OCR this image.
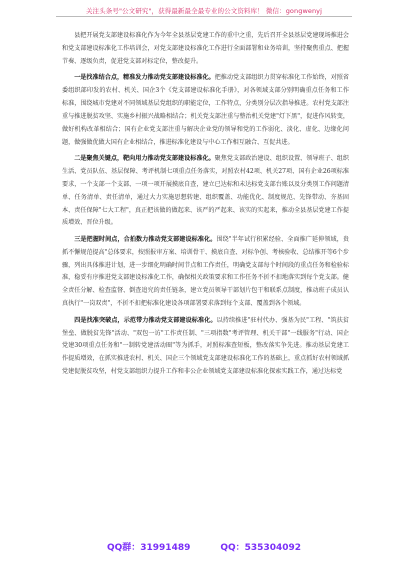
关注头条号"公文研究"，获得最新最全最专业的公文资料库！ 微信：gongwenyj

县把开展党支部建设标准化作为今年全县基层党建工作的重中之重，先后召开全县基层党建现场推进会和党支部建设标准化工作培训会，对党支部建设标准化工作进行全面部署和业务培训，坚持聚焦重点、把握节奏、逐级负责，促进党支部对标定位，整改提升。

一是找准结合点，精准发力推动党支部建设标准化。把推动党支部组织力贯穿标准化工作始终，对照省委组织部印发的农村、机关、国企3个《党支部建设标准化手册》，对各领域支部分别明确重点任务和工作标准，围绕城市党建对不同领域基层党组织的职能定位，工作特点，分类别分层次指导推进。农村党支部注重与推进脱贫攻坚、实施乡村振兴战略相结合；机关党支部注重与整治机关党建"灯下黑"，促进作风转变，做好机构改革相结合；国有企业党支部注重与解决企业党的领导和党的工作弱化、淡化、虚化、边缘化问题，做强做优做大国有企业相结合，推进标准化建设与中心工作相互融合、互促共进。

二是聚焦关键点，靶向用力推动党支部建设标准化。聚焦党支部政治建设、组织设置、领导班子、组织生活、党员队伍、基层保障、考评机制七项重点任务落实，对照农村42项、机关27项、国有企业26项标准要求，一个支部一个支部、一项一项开展摸底自查，建立已达标和未达标党支部台账以及分类别工作问题清单、任务清单、责任清单，通过大力实施思想转建、组织覆盖、功能优化、制度规范、先锋带动、夯基固本、责任保障"七大工程"，真正把该做的做起来、该严的严起来、该实的实起来，推动全县基层党建工作提质增效、晋位升级。

三是把握时间点，合拍数力推动党支部建设标准化。围绕"半年试行积累经验、全面推广延伸领域，贵抓不懈规范提高"总体要求，按照报审方案、培训骨干、摸底自查、对标争创、考核验收、总结推开等6个步骤，列出具体推进计划，进一步细化明确时间节点和工作责任，明确党支部每个时间段的重点任务和检验标准，稳妥有序推进党支部建设标准化工作，确保相关政策要求和工作任务不折不扣地落实到每个党支部。健全责任分解、检查监督、倒查追究的责任链条，建立党员领导干部划片包干和联系点制度，推动班子成员认真执行"一岗双责"，不折不扣把标准化建设各项部署要求落到每个支部、覆盖到各个领域。

四是找准突破点，示范带力推动党支部建设标准化。以持续推进"驻村代办、强基为民"工程、"筑扶贫堡垒、做脱贫先锋"活动、"双包一访"工作责任制、"三项指数"考评管理、机关干部"一线服务"行动、国企党建30项重点任务和"一制转党建活动圈"等为抓手，对照标准查短板，整改落实争先进。推动基层党建工作提质增效，在抓实推进农村、机关、国企三个领域党支部建设标准化工作的基础上，重点抓好农村领域抓党建促脱贫攻坚，村党支部组织力提升工作和非公企业领域党支部建设标准化探索实践工作，通过达标党

QQ群：31991489	QQ：535304092
